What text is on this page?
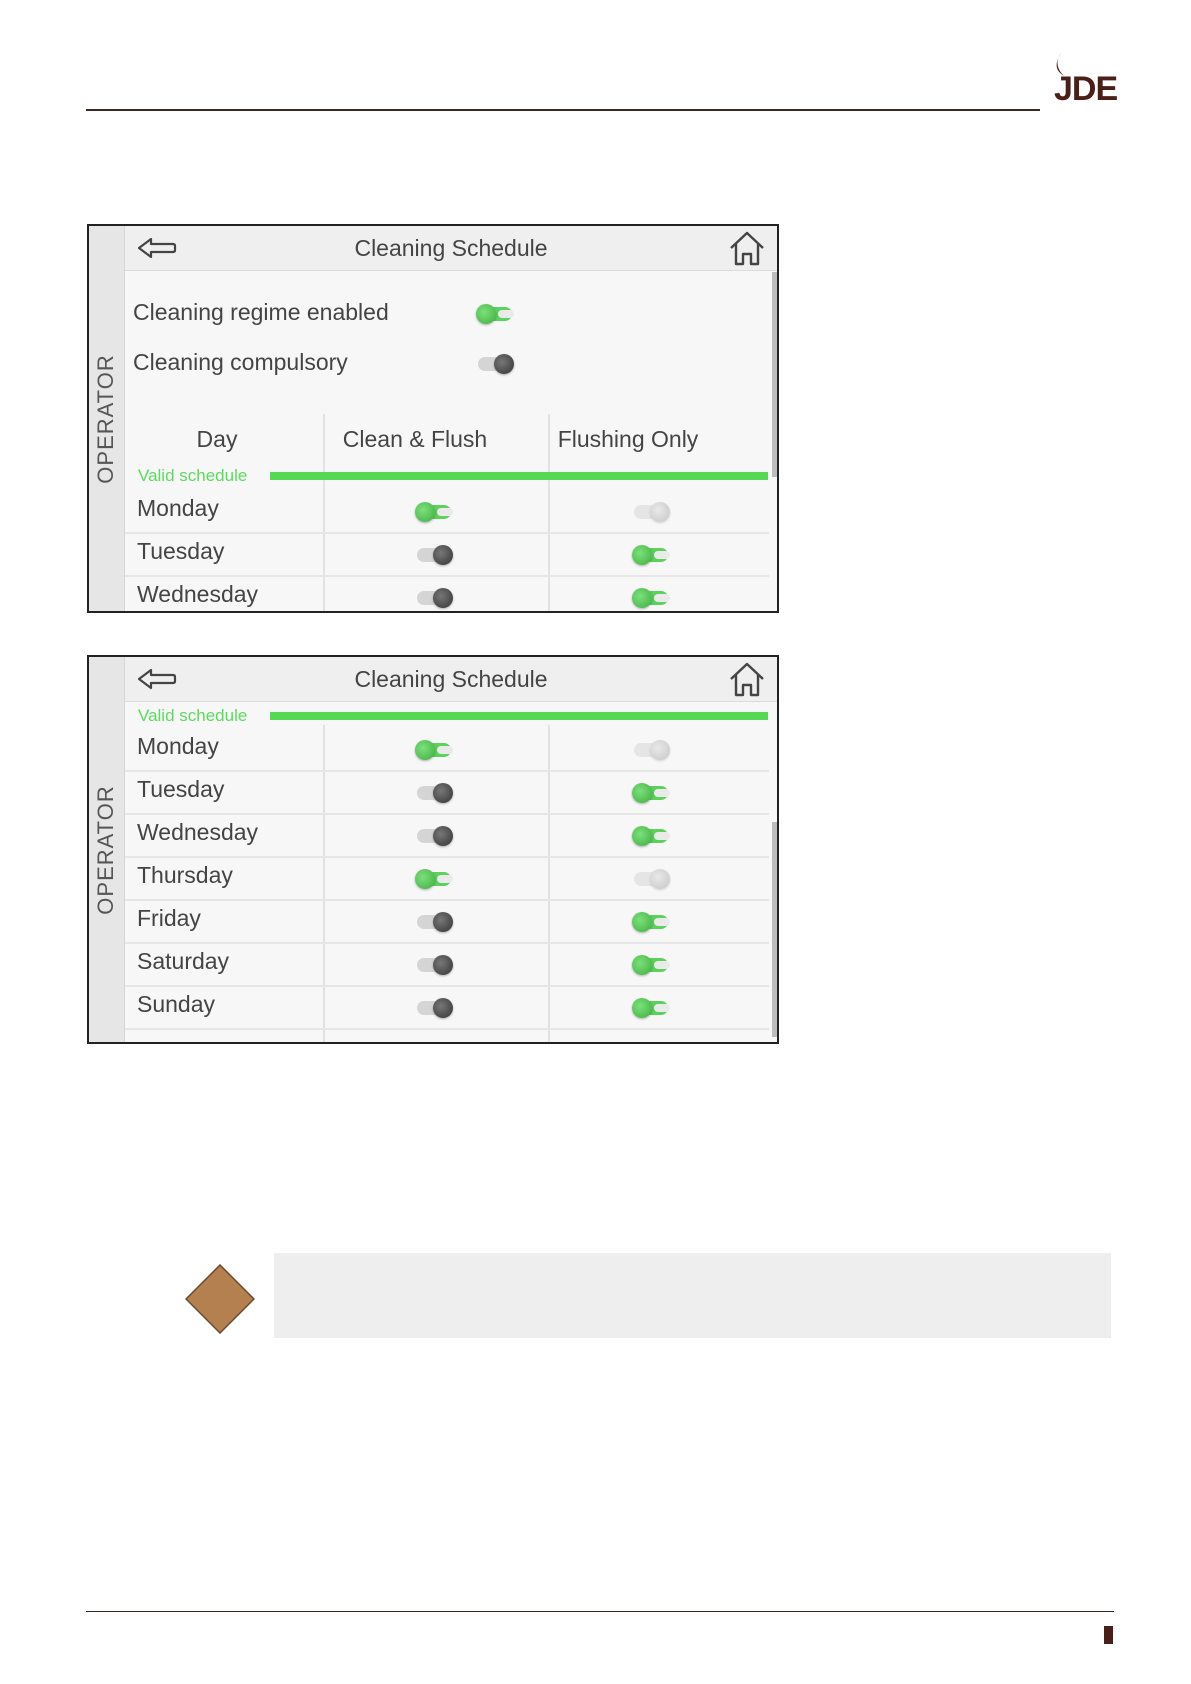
JDE
OPERATOR
Cleaning Schedule
Cleaning regime enabled
Cleaning compulsory
Day	Clean & Flush	Flushing Only
Valid schedule
Monday
Tuesday
Wednesday
OPERATOR
Cleaning Schedule
Valid schedule
Monday
Tuesday
Wednesday
Thursday
Friday
Saturday
Sunday
